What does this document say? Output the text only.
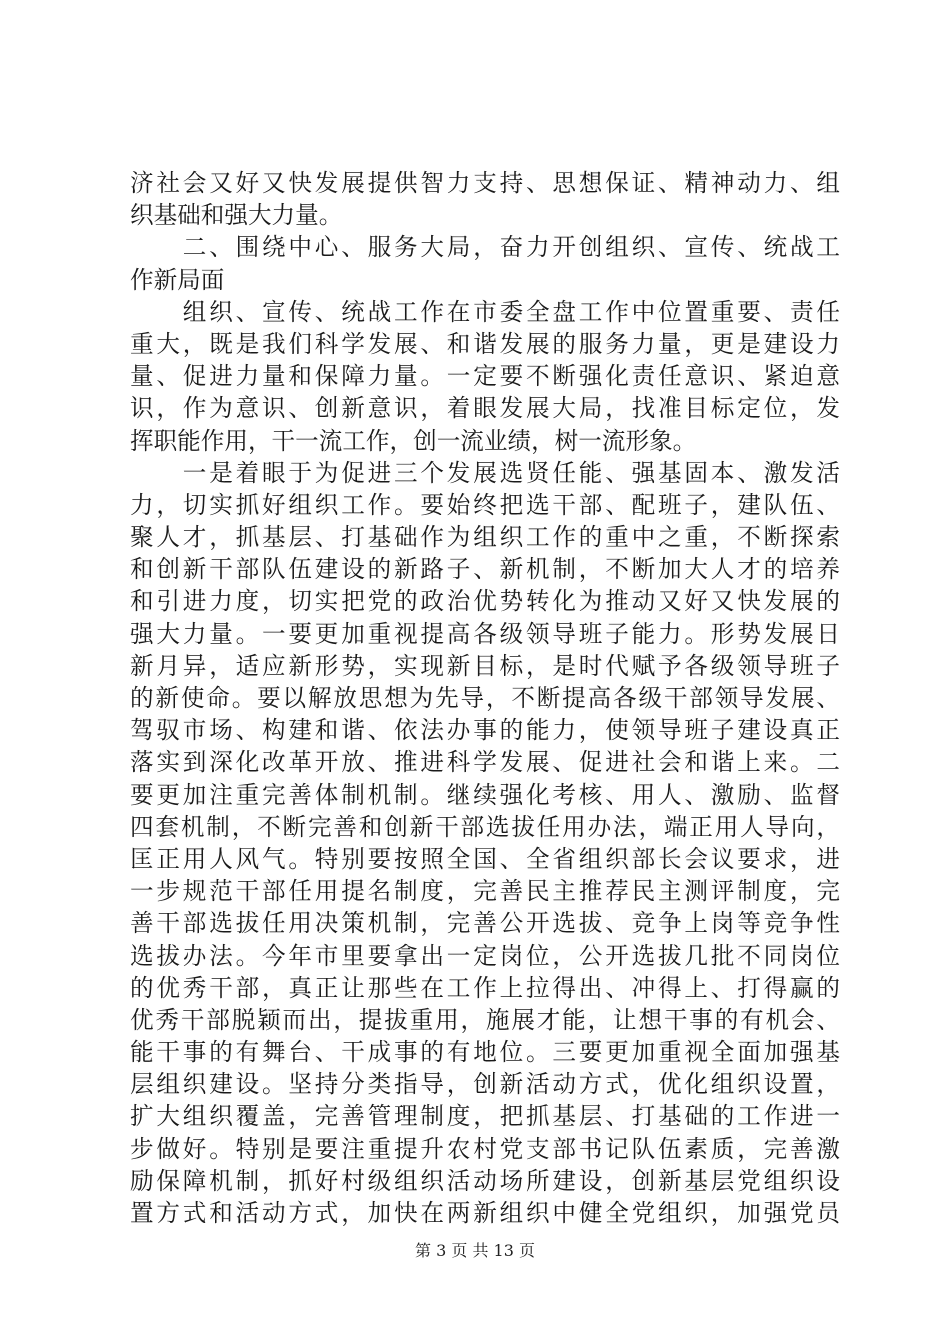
济社会又好又快发展提供智力支持、思想保证、精神动力、组
织基础和强大力量。
　　二、围绕中心、服务大局，奋力开创组织、宣传、统战工
作新局面
　　组织、宣传、统战工作在市委全盘工作中位置重要、责任
重大，既是我们科学发展、和谐发展的服务力量，更是建设力
量、促进力量和保障力量。一定要不断强化责任意识、紧迫意
识，作为意识、创新意识，着眼发展大局，找准目标定位，发
挥职能作用，干一流工作，创一流业绩，树一流形象。
　　一是着眼于为促进三个发展选贤任能、强基固本、激发活
力，切实抓好组织工作。要始终把选干部、配班子，建队伍、
聚人才，抓基层、打基础作为组织工作的重中之重，不断探索
和创新干部队伍建设的新路子、新机制，不断加大人才的培养
和引进力度，切实把党的政治优势转化为推动又好又快发展的
强大力量。一要更加重视提高各级领导班子能力。形势发展日
新月异，适应新形势，实现新目标，是时代赋予各级领导班子
的新使命。要以解放思想为先导，不断提高各级干部领导发展、
驾驭市场、构建和谐、依法办事的能力，使领导班子建设真正
落实到深化改革开放、推进科学发展、促进社会和谐上来。二
要更加注重完善体制机制。继续强化考核、用人、激励、监督
四套机制，不断完善和创新干部选拔任用办法，端正用人导向，
匡正用人风气。特别要按照全国、全省组织部长会议要求，进
一步规范干部任用提名制度，完善民主推荐民主测评制度，完
善干部选拔任用决策机制，完善公开选拔、竞争上岗等竞争性
选拔办法。今年市里要拿出一定岗位，公开选拔几批不同岗位
的优秀干部，真正让那些在工作上拉得出、冲得上、打得赢的
优秀干部脱颖而出，提拔重用，施展才能，让想干事的有机会、
能干事的有舞台、干成事的有地位。三要更加重视全面加强基
层组织建设。坚持分类指导，创新活动方式，优化组织设置，
扩大组织覆盖，完善管理制度，把抓基层、打基础的工作进一
步做好。特别是要注重提升农村党支部书记队伍素质，完善激
励保障机制，抓好村级组织活动场所建设，创新基层党组织设
置方式和活动方式，加快在两新组织中健全党组织，加强党员
第 3 页 共 13 页
